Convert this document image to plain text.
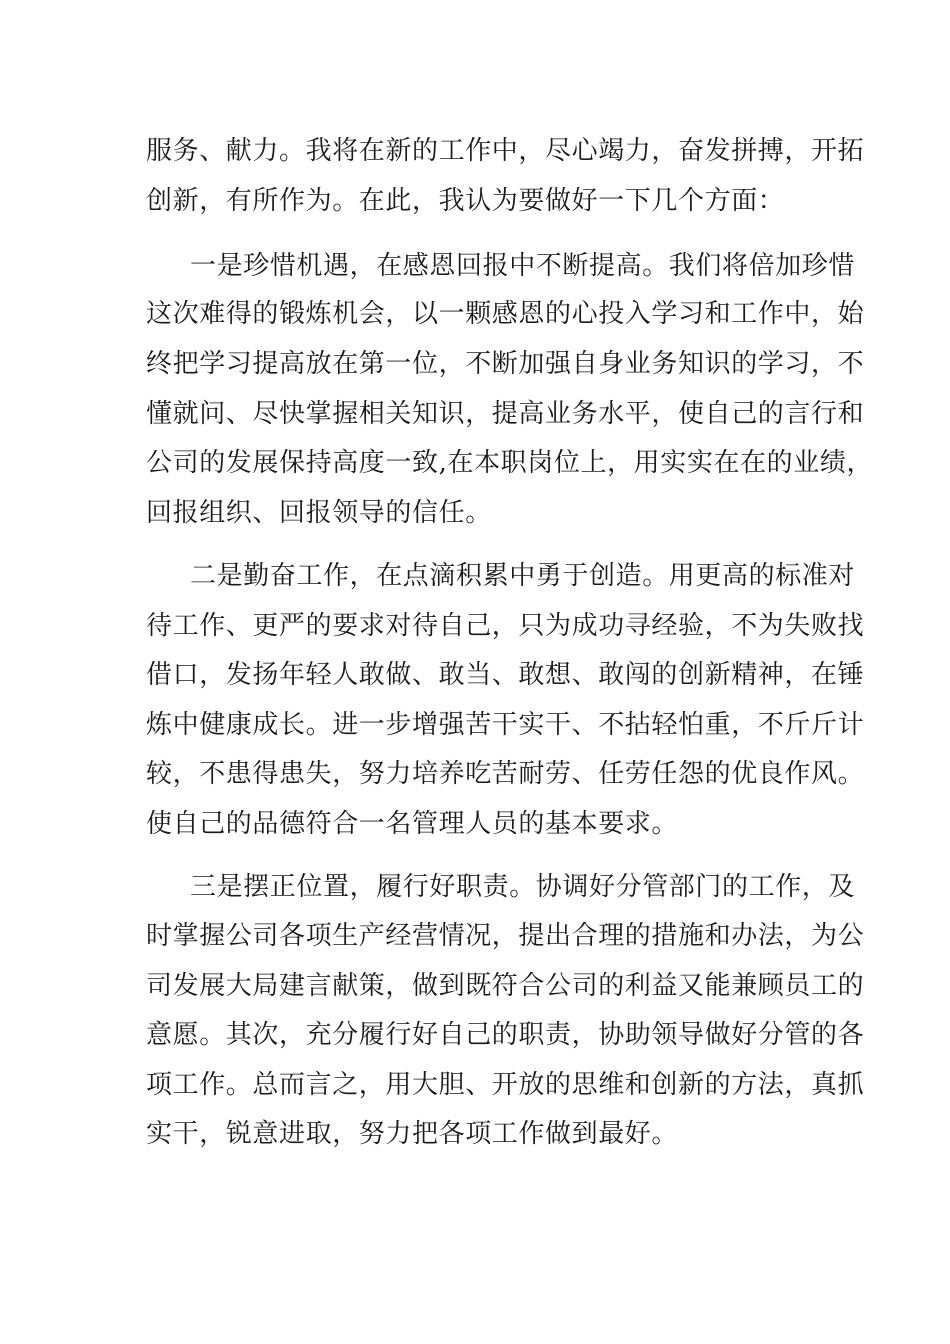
服务、献力。我将在新的工作中，尽心竭力，奋发拼搏，开拓

创新，有所作为。在此，我认为要做好一下几个方面：

一是珍惜机遇，在感恩回报中不断提高。我们将倍加珍惜

这次难得的锻炼机会，以一颗感恩的心投入学习和工作中，始

终把学习提高放在第一位，不断加强自身业务知识的学习，不

懂就问、尽快掌握相关知识，提高业务水平，使自己的言行和

公司的发展保持高度一致,在本职岗位上，用实实在在的业绩，

回报组织、回报领导的信任。

二是勤奋工作，在点滴积累中勇于创造。用更高的标准对

待工作、更严的要求对待自己，只为成功寻经验，不为失败找

借口，发扬年轻人敢做、敢当、敢想、敢闯的创新精神，在锤

炼中健康成长。进一步增强苦干实干、不拈轻怕重，不斤斤计

较，不患得患失，努力培养吃苦耐劳、任劳任怨的优良作风。

使自己的品德符合一名管理人员的基本要求。

三是摆正位置，履行好职责。协调好分管部门的工作，及

时掌握公司各项生产经营情况，提出合理的措施和办法，为公

司发展大局建言献策，做到既符合公司的利益又能兼顾员工的

意愿。其次，充分履行好自己的职责，协助领导做好分管的各

项工作。总而言之，用大胆、开放的思维和创新的方法，真抓

实干，锐意进取，努力把各项工作做到最好。
